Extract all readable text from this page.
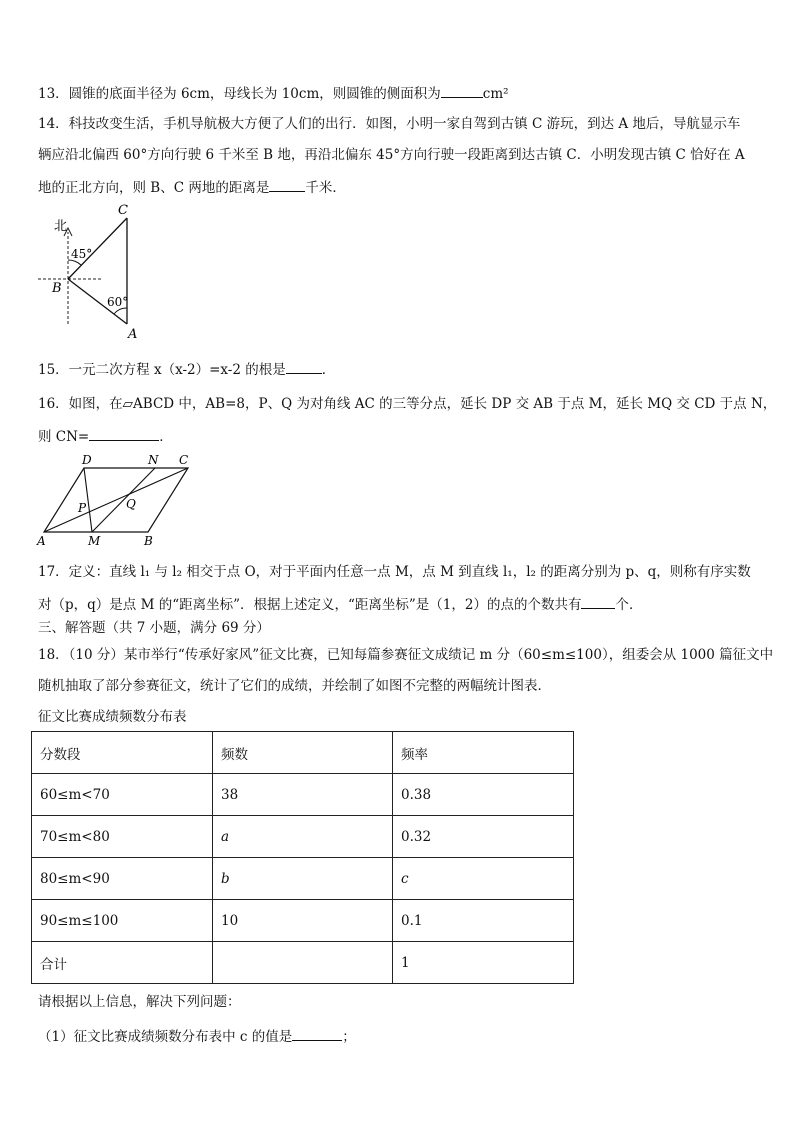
13．圆锥的底面半径为 6cm，母线长为 10cm，则圆锥的侧面积为	cm²
14．科技改变生活，手机导航极大方便了人们的出行．如图，小明一家自驾到古镇 C 游玩，到达 A 地后，导航显示车
辆应沿北偏西 60°方向行驶 6 千米至 B 地，再沿北偏东 45°方向行驶一段距离到达古镇 C．小明发现古镇 C 恰好在 A
地的正北方向，则 B、C 两地的距离是	千米．
北
C
B
A
45°
60°
15．一元二次方程 x（x-2）=x-2 的根是	．
16．如图，在▱ABCD 中，AB=8，P、Q 为对角线 AC 的三等分点，延长 DP 交 AB 于点 M，延长 MQ 交 CD 于点 N，
则 CN=	．
D	N C
P	Q
A	M	B
17．定义：直线 l₁ 与 l₂ 相交于点 O，对于平面内任意一点 M，点 M 到直线 l₁，l₂ 的距离分别为 p、q，则称有序实数
对（p，q）是点 M 的“距离坐标”．根据上述定义，“距离坐标”是（1，2）的点的个数共有	个．
三、解答题（共 7 小题，满分 69 分）
18．（10 分）某市举行“传承好家风”征文比赛，已知每篇参赛征文成绩记 m 分（60≤m≤100），组委会从 1000 篇征文中
随机抽取了部分参赛征文，统计了它们的成绩，并绘制了如图不完整的两幅统计图表．
征文比赛成绩频数分布表
分数段	频数	频率
60≤m<70	38	0.38
70≤m<80	a	0.32
80≤m<90	b	c
90≤m≤100	10	0.1
合计		1
请根据以上信息，解决下列问题：
（1）征文比赛成绩频数分布表中 c 的值是	；
